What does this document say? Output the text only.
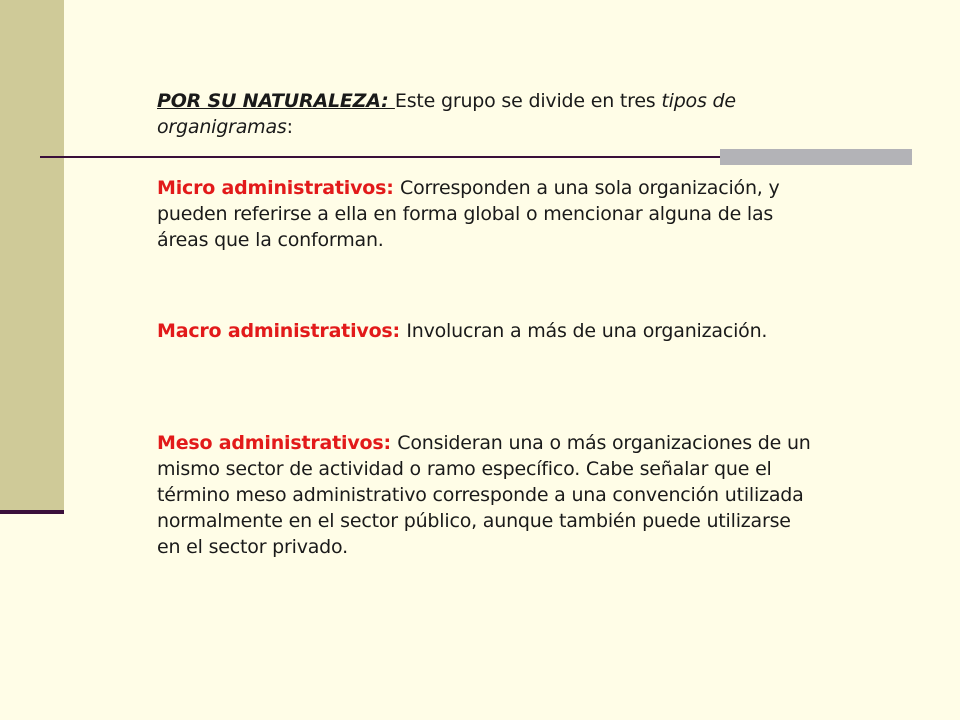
POR SU NATURALEZA: Este grupo se divide en tres tipos de organigramas:

Micro administrativos: Corresponden a una sola organización, y pueden referirse a ella en forma global o mencionar alguna de las áreas que la conforman.

Macro administrativos: Involucran a más de una organización.

Meso administrativos: Consideran una o más organizaciones de un mismo sector de actividad o ramo específico. Cabe señalar que el término meso administrativo corresponde a una convención utilizada normalmente en el sector público, aunque también puede utilizarse en el sector privado.
